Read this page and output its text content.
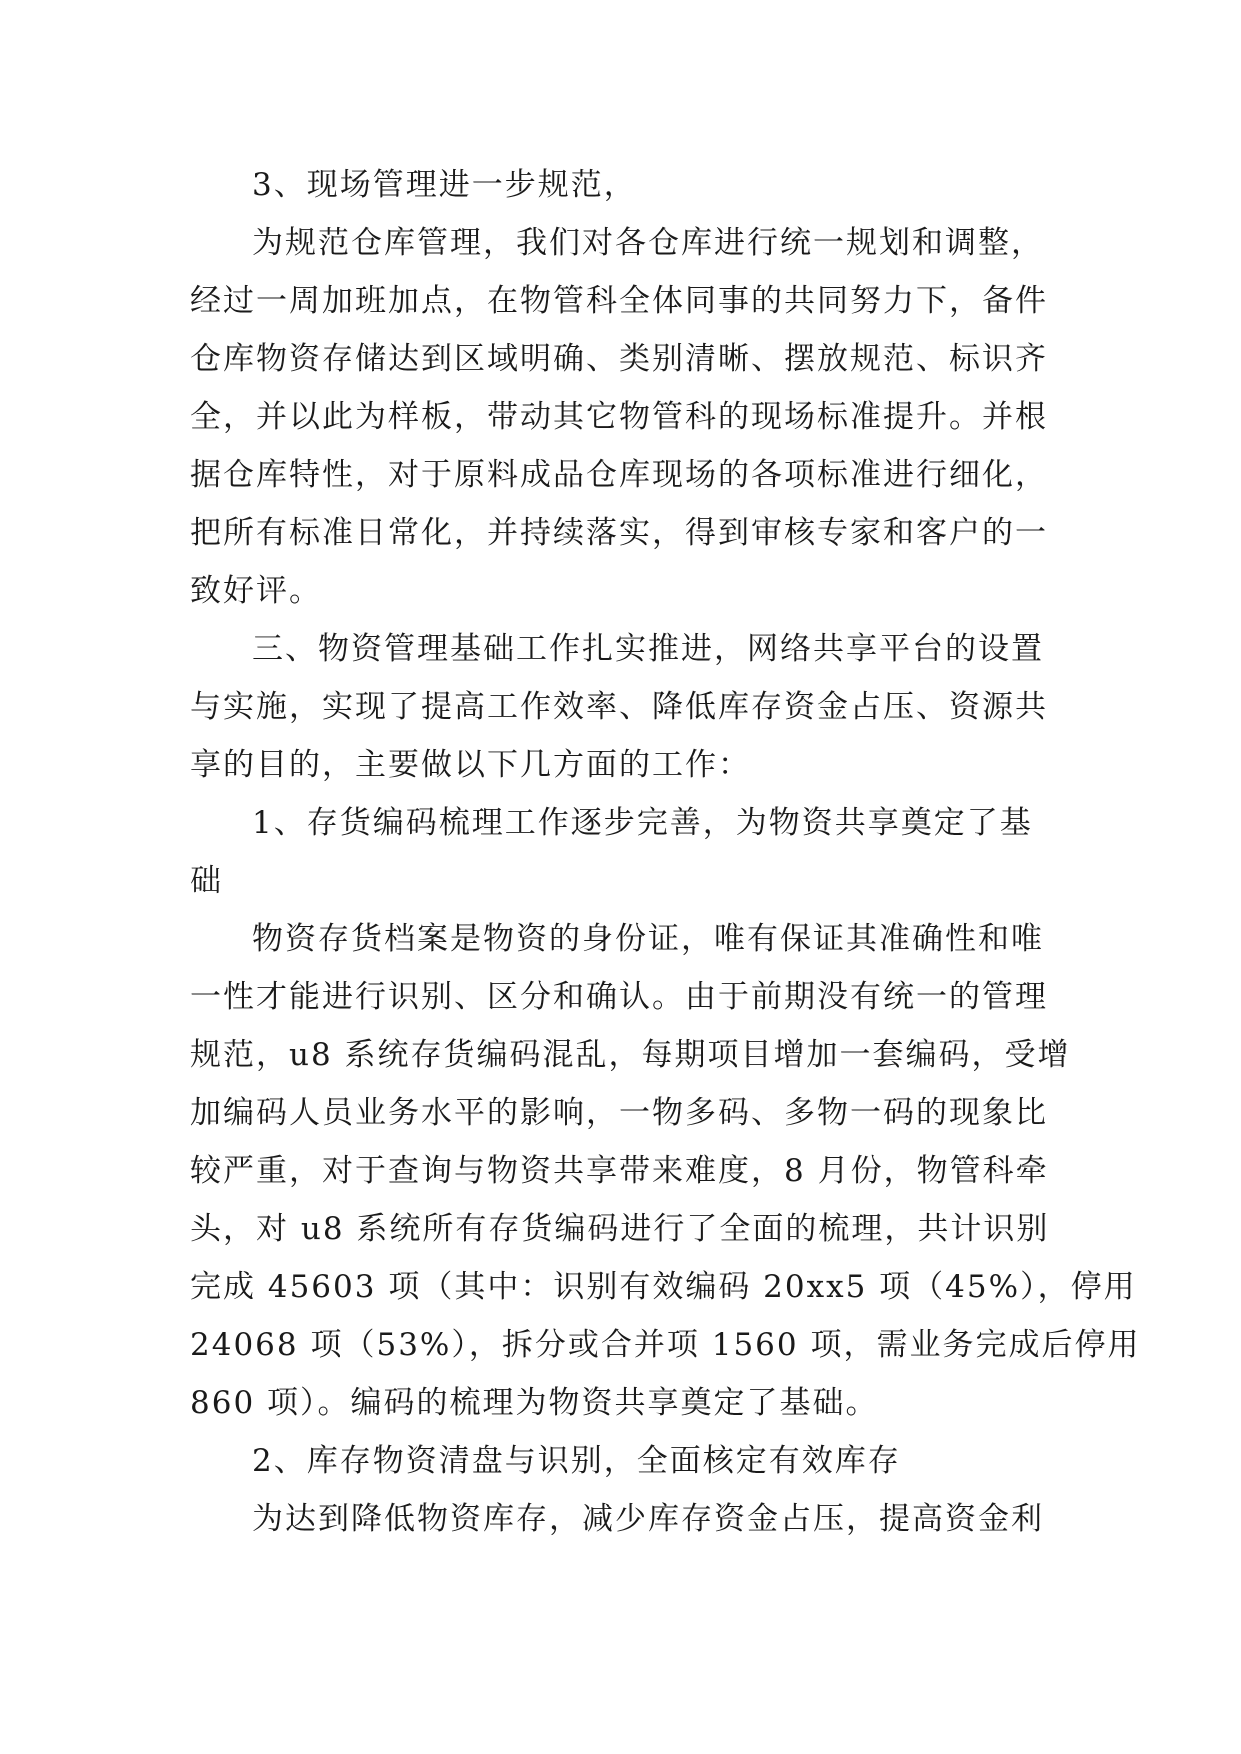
3、现场管理进一步规范，
为规范仓库管理，我们对各仓库进行统一规划和调整，
经过一周加班加点，在物管科全体同事的共同努力下，备件
仓库物资存储达到区域明确、类别清晰、摆放规范、标识齐
全，并以此为样板，带动其它物管科的现场标准提升。并根
据仓库特性，对于原料成品仓库现场的各项标准进行细化，
把所有标准日常化，并持续落实，得到审核专家和客户的一
致好评。
三、物资管理基础工作扎实推进，网络共享平台的设置
与实施，实现了提高工作效率、降低库存资金占压、资源共
享的目的，主要做以下几方面的工作：
1、存货编码梳理工作逐步完善，为物资共享奠定了基
础
物资存货档案是物资的身份证，唯有保证其准确性和唯
一性才能进行识别、区分和确认。由于前期没有统一的管理
规范，u8 系统存货编码混乱，每期项目增加一套编码，受增
加编码人员业务水平的影响，一物多码、多物一码的现象比
较严重，对于查询与物资共享带来难度，8 月份，物管科牵
头，对 u8 系统所有存货编码进行了全面的梳理，共计识别
完成 45603 项（其中：识别有效编码 20xx5 项（45%），停用
24068 项（53%），拆分或合并项 1560 项，需业务完成后停用
860 项）。编码的梳理为物资共享奠定了基础。
2、库存物资清盘与识别，全面核定有效库存
为达到降低物资库存，减少库存资金占压，提高资金利
